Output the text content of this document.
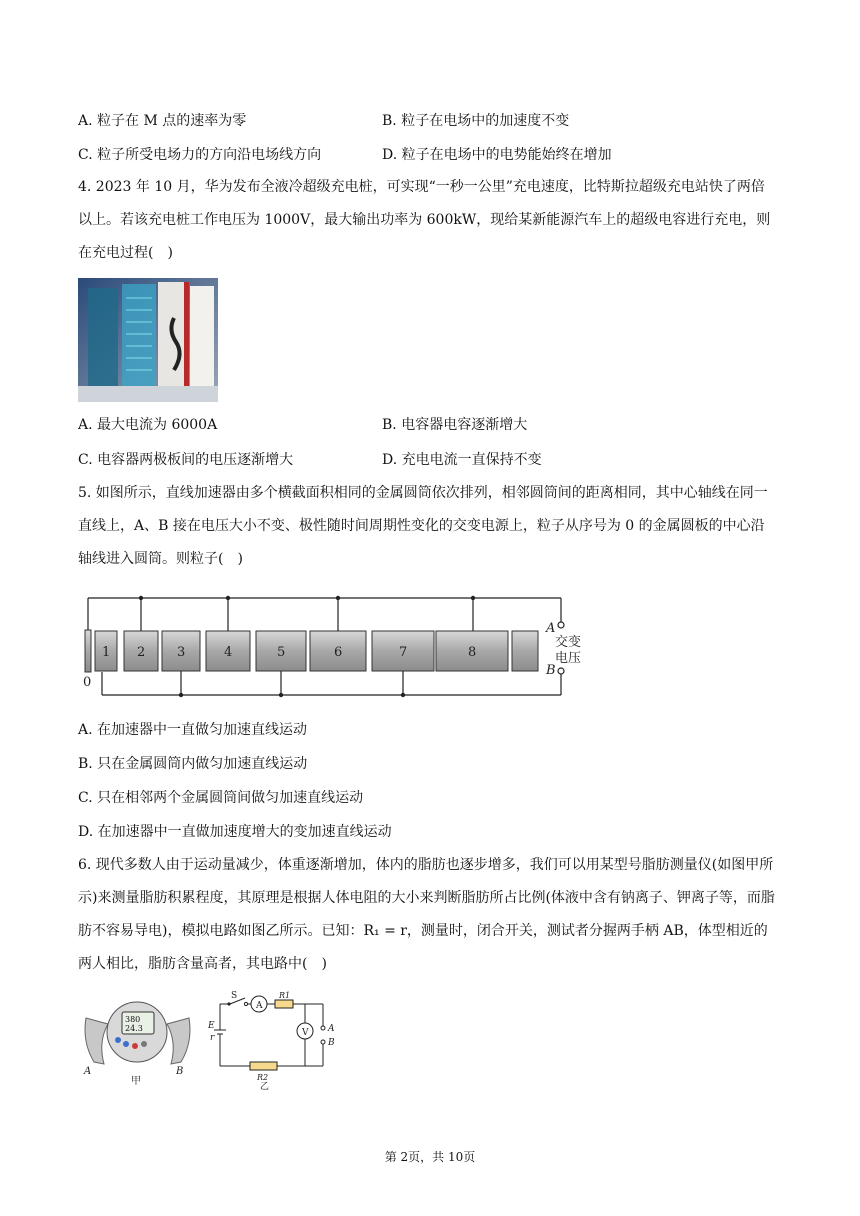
A. 粒子在 M 点的速率为零	B. 粒子在电场中的加速度不变
C. 粒子所受电场力的方向沿电场线方向	D. 粒子在电场中的电势能始终在增加
4. 2023 年 10 月，华为发布全液冷超级充电桩，可实现“一秒一公里”充电速度，比特斯拉超级充电站快了两倍以上。若该充电桩工作电压为 1000V，最大输出功率为 600kW，现给某新能源汽车上的超级电容进行充电，则在充电过程(　)
A. 最大电流为 6000A	B. 电容器电容逐渐增大
C. 电容器两极板间的电压逐渐增大	D. 充电电流一直保持不变
5. 如图所示，直线加速器由多个横截面积相同的金属圆筒依次排列，相邻圆筒间的距离相同，其中心轴线在同一直线上，A、B 接在电压大小不变、极性随时间周期性变化的交变电源上，粒子从序号为 0 的金属圆板的中心沿轴线进入圆筒。则粒子(　)
1 2 3	4	5	6	7	8
0
A
B
交变
电压
A. 在加速器中一直做匀加速直线运动
B. 只在金属圆筒内做匀加速直线运动
C. 只在相邻两个金属圆筒间做匀加速直线运动
D. 在加速器中一直做加速度增大的变加速直线运动
6. 现代多数人由于运动量减少，体重逐渐增加，体内的脂肪也逐步增多，我们可以用某型号脂肪测量仪(如图甲所示)来测量脂肪积累程度，其原理是根据人体电阻的大小来判断脂肪所占比例(体液中含有钠离子、钾离子等，而脂肪不容易导电)，模拟电路如图乙所示。已知：R₁ = r，测量时，闭合开关，测试者分握两手柄 AB，体型相近的两人相比，脂肪含量高者，其电路中(　)
380
24.3
A	B
甲
S
A
R1
V
R2
E
r
A
B
乙
第 2页，共 10页
